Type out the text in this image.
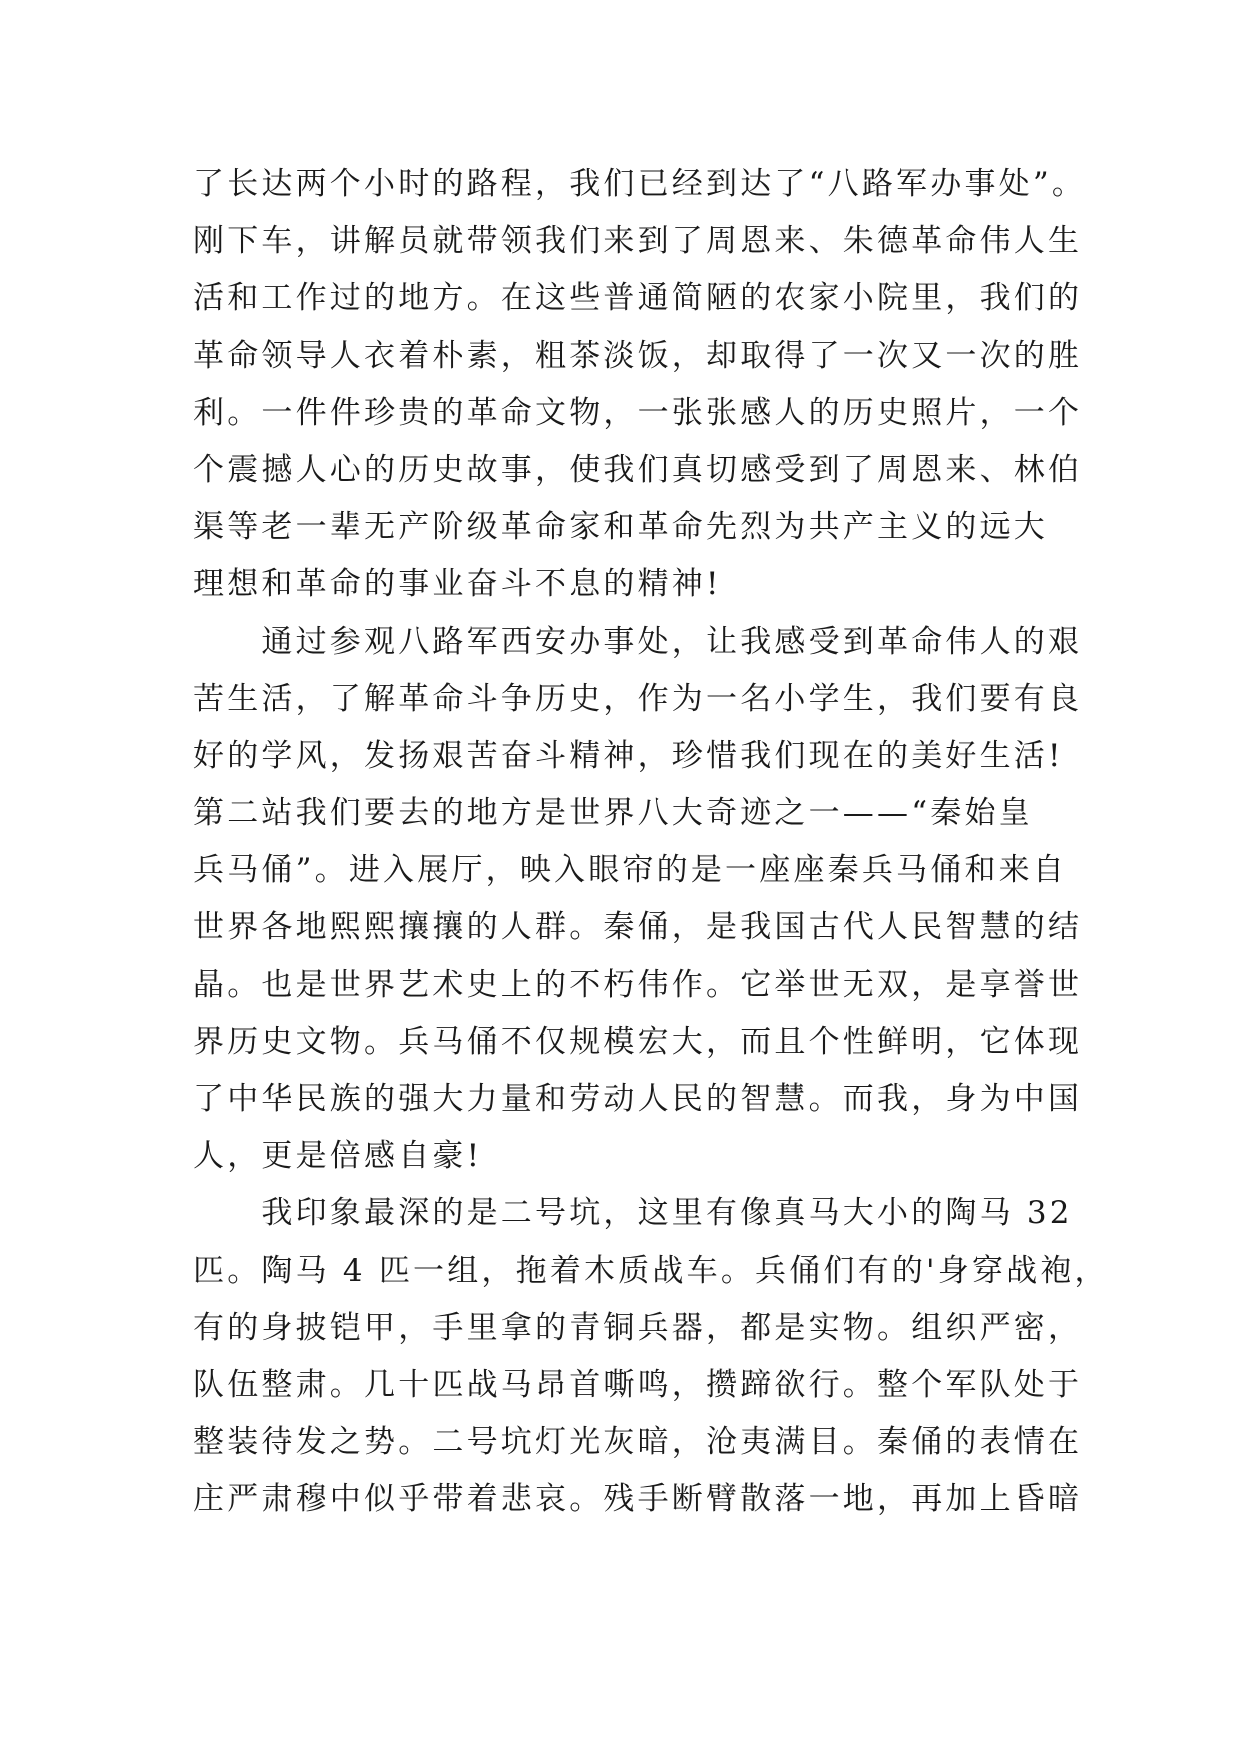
了长达两个小时的路程，我们已经到达了“八路军办事处”。
刚下车，讲解员就带领我们来到了周恩来、朱德革命伟人生
活和工作过的地方。在这些普通简陋的农家小院里，我们的
革命领导人衣着朴素，粗茶淡饭，却取得了一次又一次的胜
利。一件件珍贵的革命文物，一张张感人的历史照片，一个
个震撼人心的历史故事，使我们真切感受到了周恩来、林伯
渠等老一辈无产阶级革命家和革命先烈为共产主义的远大
理想和革命的事业奋斗不息的精神!
　　通过参观八路军西安办事处，让我感受到革命伟人的艰
苦生活，了解革命斗争历史，作为一名小学生，我们要有良
好的学风，发扬艰苦奋斗精神，珍惜我们现在的美好生活!
第二站我们要去的地方是世界八大奇迹之一——“秦始皇
兵马俑”。进入展厅，映入眼帘的是一座座秦兵马俑和来自
世界各地熙熙攘攘的人群。秦俑，是我国古代人民智慧的结
晶。也是世界艺术史上的不朽伟作。它举世无双，是享誉世
界历史文物。兵马俑不仅规模宏大，而且个性鲜明，它体现
了中华民族的强大力量和劳动人民的智慧。而我，身为中国
人，更是倍感自豪!
　　我印象最深的是二号坑，这里有像真马大小的陶马 32
匹。陶马 4 匹一组，拖着木质战车。兵俑们有的'身穿战袍，
有的身披铠甲，手里拿的青铜兵器，都是实物。组织严密，
队伍整肃。几十匹战马昂首嘶鸣，攒蹄欲行。整个军队处于
整装待发之势。二号坑灯光灰暗，沧夷满目。秦俑的表情在
庄严肃穆中似乎带着悲哀。残手断臂散落一地，再加上昏暗
